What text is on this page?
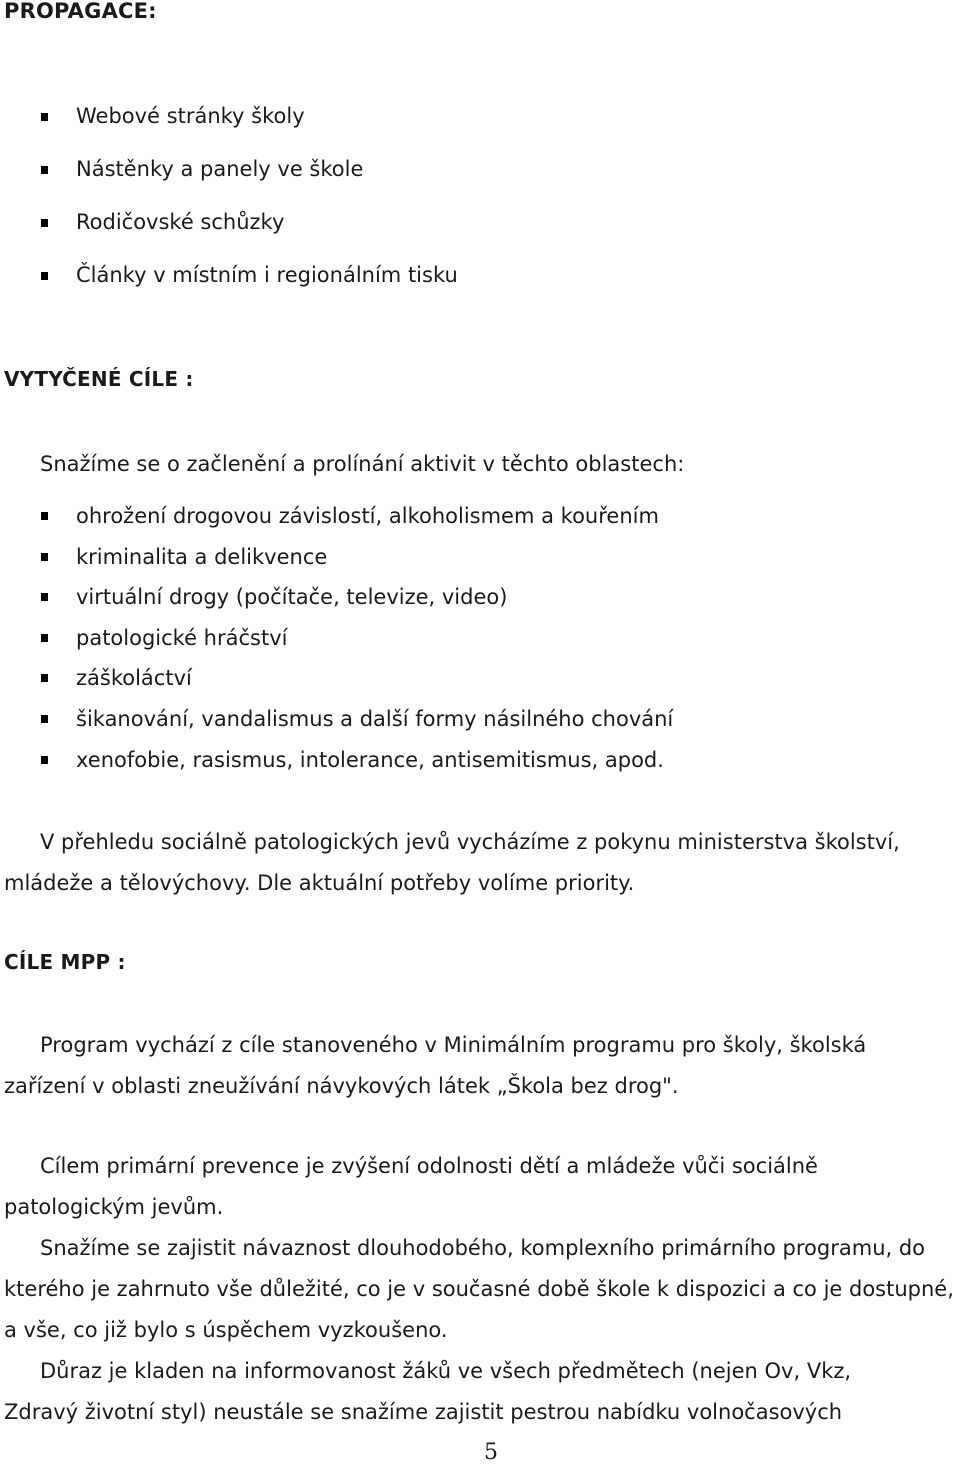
PROPAGACE:
Webové stránky školy
Nástěnky a panely ve škole
Rodičovské schůzky
Články v místním i regionálním tisku
VYTYČENÉ CÍLE :

Snažíme se o začlenění a prolínání aktivit v těchto oblastech:

ohrožení drogovou závislostí, alkoholismem a kouřením
kriminalita a delikvence
virtuální drogy (počítače, televize, video)
patologické hráčství
záškoláctví
šikanování, vandalismus a další formy násilného chování
xenofobie, rasismus, intolerance, antisemitismus, apod.

V přehledu sociálně patologických jevů vycházíme z pokynu ministerstva školství, mládeže a tělovýchovy. Dle aktuální potřeby volíme priority.

CÍLE MPP :

Program vychází z cíle stanoveného v Minimálním programu pro školy, školská zařízení v oblasti zneužívání návykových látek „Škola bez drog".

Cílem primární prevence je zvýšení odolnosti dětí a mládeže vůči sociálně patologickým jevům.

Snažíme se zajistit návaznost dlouhodobého, komplexního primárního programu, do kterého je zahrnuto vše důležité, co je v současné době škole k dispozici a co je dostupné, a vše, co již bylo s úspěchem vyzkoušeno.

Důraz je kladen na informovanost žáků ve všech předmětech (nejen Ov, Vkz, Zdravý životní styl) neustále se snažíme zajistit pestrou nabídku volnočasových

5
